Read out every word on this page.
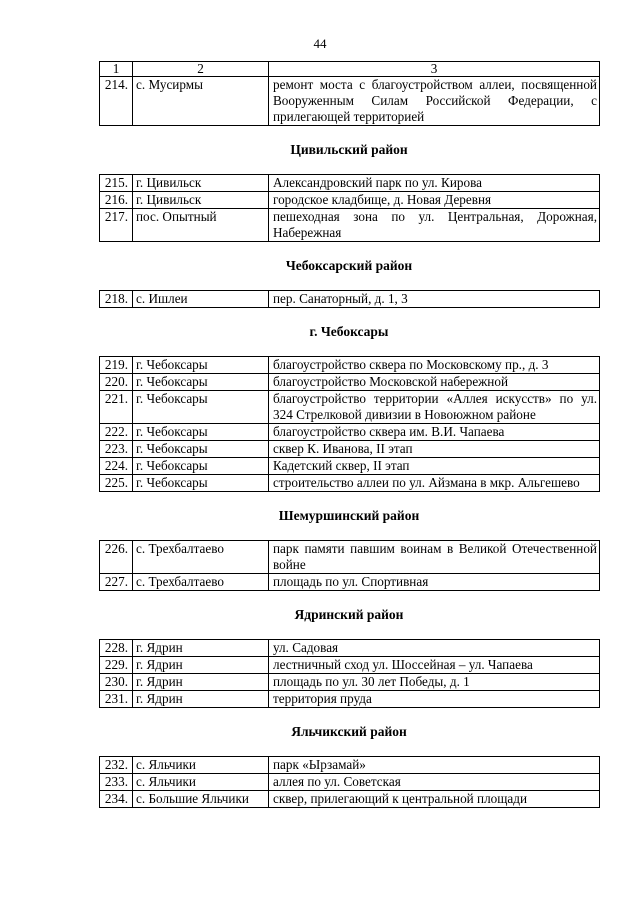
44
1	2	3
214.	с. Мусирмы	ремонт моста с благоустройством аллеи, посвященной Вооруженным Силам Российской Федерации, с прилегающей территорией
Цивильский район
215.	г. Цивильск	Александровский парк по ул. Кирова
216.	г. Цивильск	городское кладбище, д. Новая Деревня
217.	пос. Опытный	пешеходная зона по ул. Центральная, Дорожная, Набережная
Чебоксарский район
218.	с. Ишлеи	пер. Санаторный, д. 1, 3
г. Чебоксары
219.	г. Чебоксары	благоустройство сквера по Московскому пр., д. 3
220.	г. Чебоксары	благоустройство Московской набережной
221.	г. Чебоксары	благоустройство территории «Аллея искусств» по ул. 324 Стрелковой дивизии в Новоюжном районе
222.	г. Чебоксары	благоустройство сквера им. В.И. Чапаева
223.	г. Чебоксары	сквер К. Иванова, II этап
224.	г. Чебоксары	Кадетский сквер, II этап
225.	г. Чебоксары	строительство аллеи по ул. Айзмана в мкр. Альгешево
Шемуршинский район
226.	с. Трехбалтаево	парк памяти павшим воинам в Великой Отечественной войне
227.	с. Трехбалтаево	площадь по ул. Спортивная
Ядринский район
228.	г. Ядрин	ул. Садовая
229.	г. Ядрин	лестничный сход ул. Шоссейная – ул. Чапаева
230.	г. Ядрин	площадь по ул. 30 лет Победы, д. 1
231.	г. Ядрин	территория пруда
Яльчикский район
232.	с. Яльчики	парк «Ырзамай»
233.	с. Яльчики	аллея по ул. Советская
234.	с. Большие Яльчики	сквер, прилегающий к центральной площади
